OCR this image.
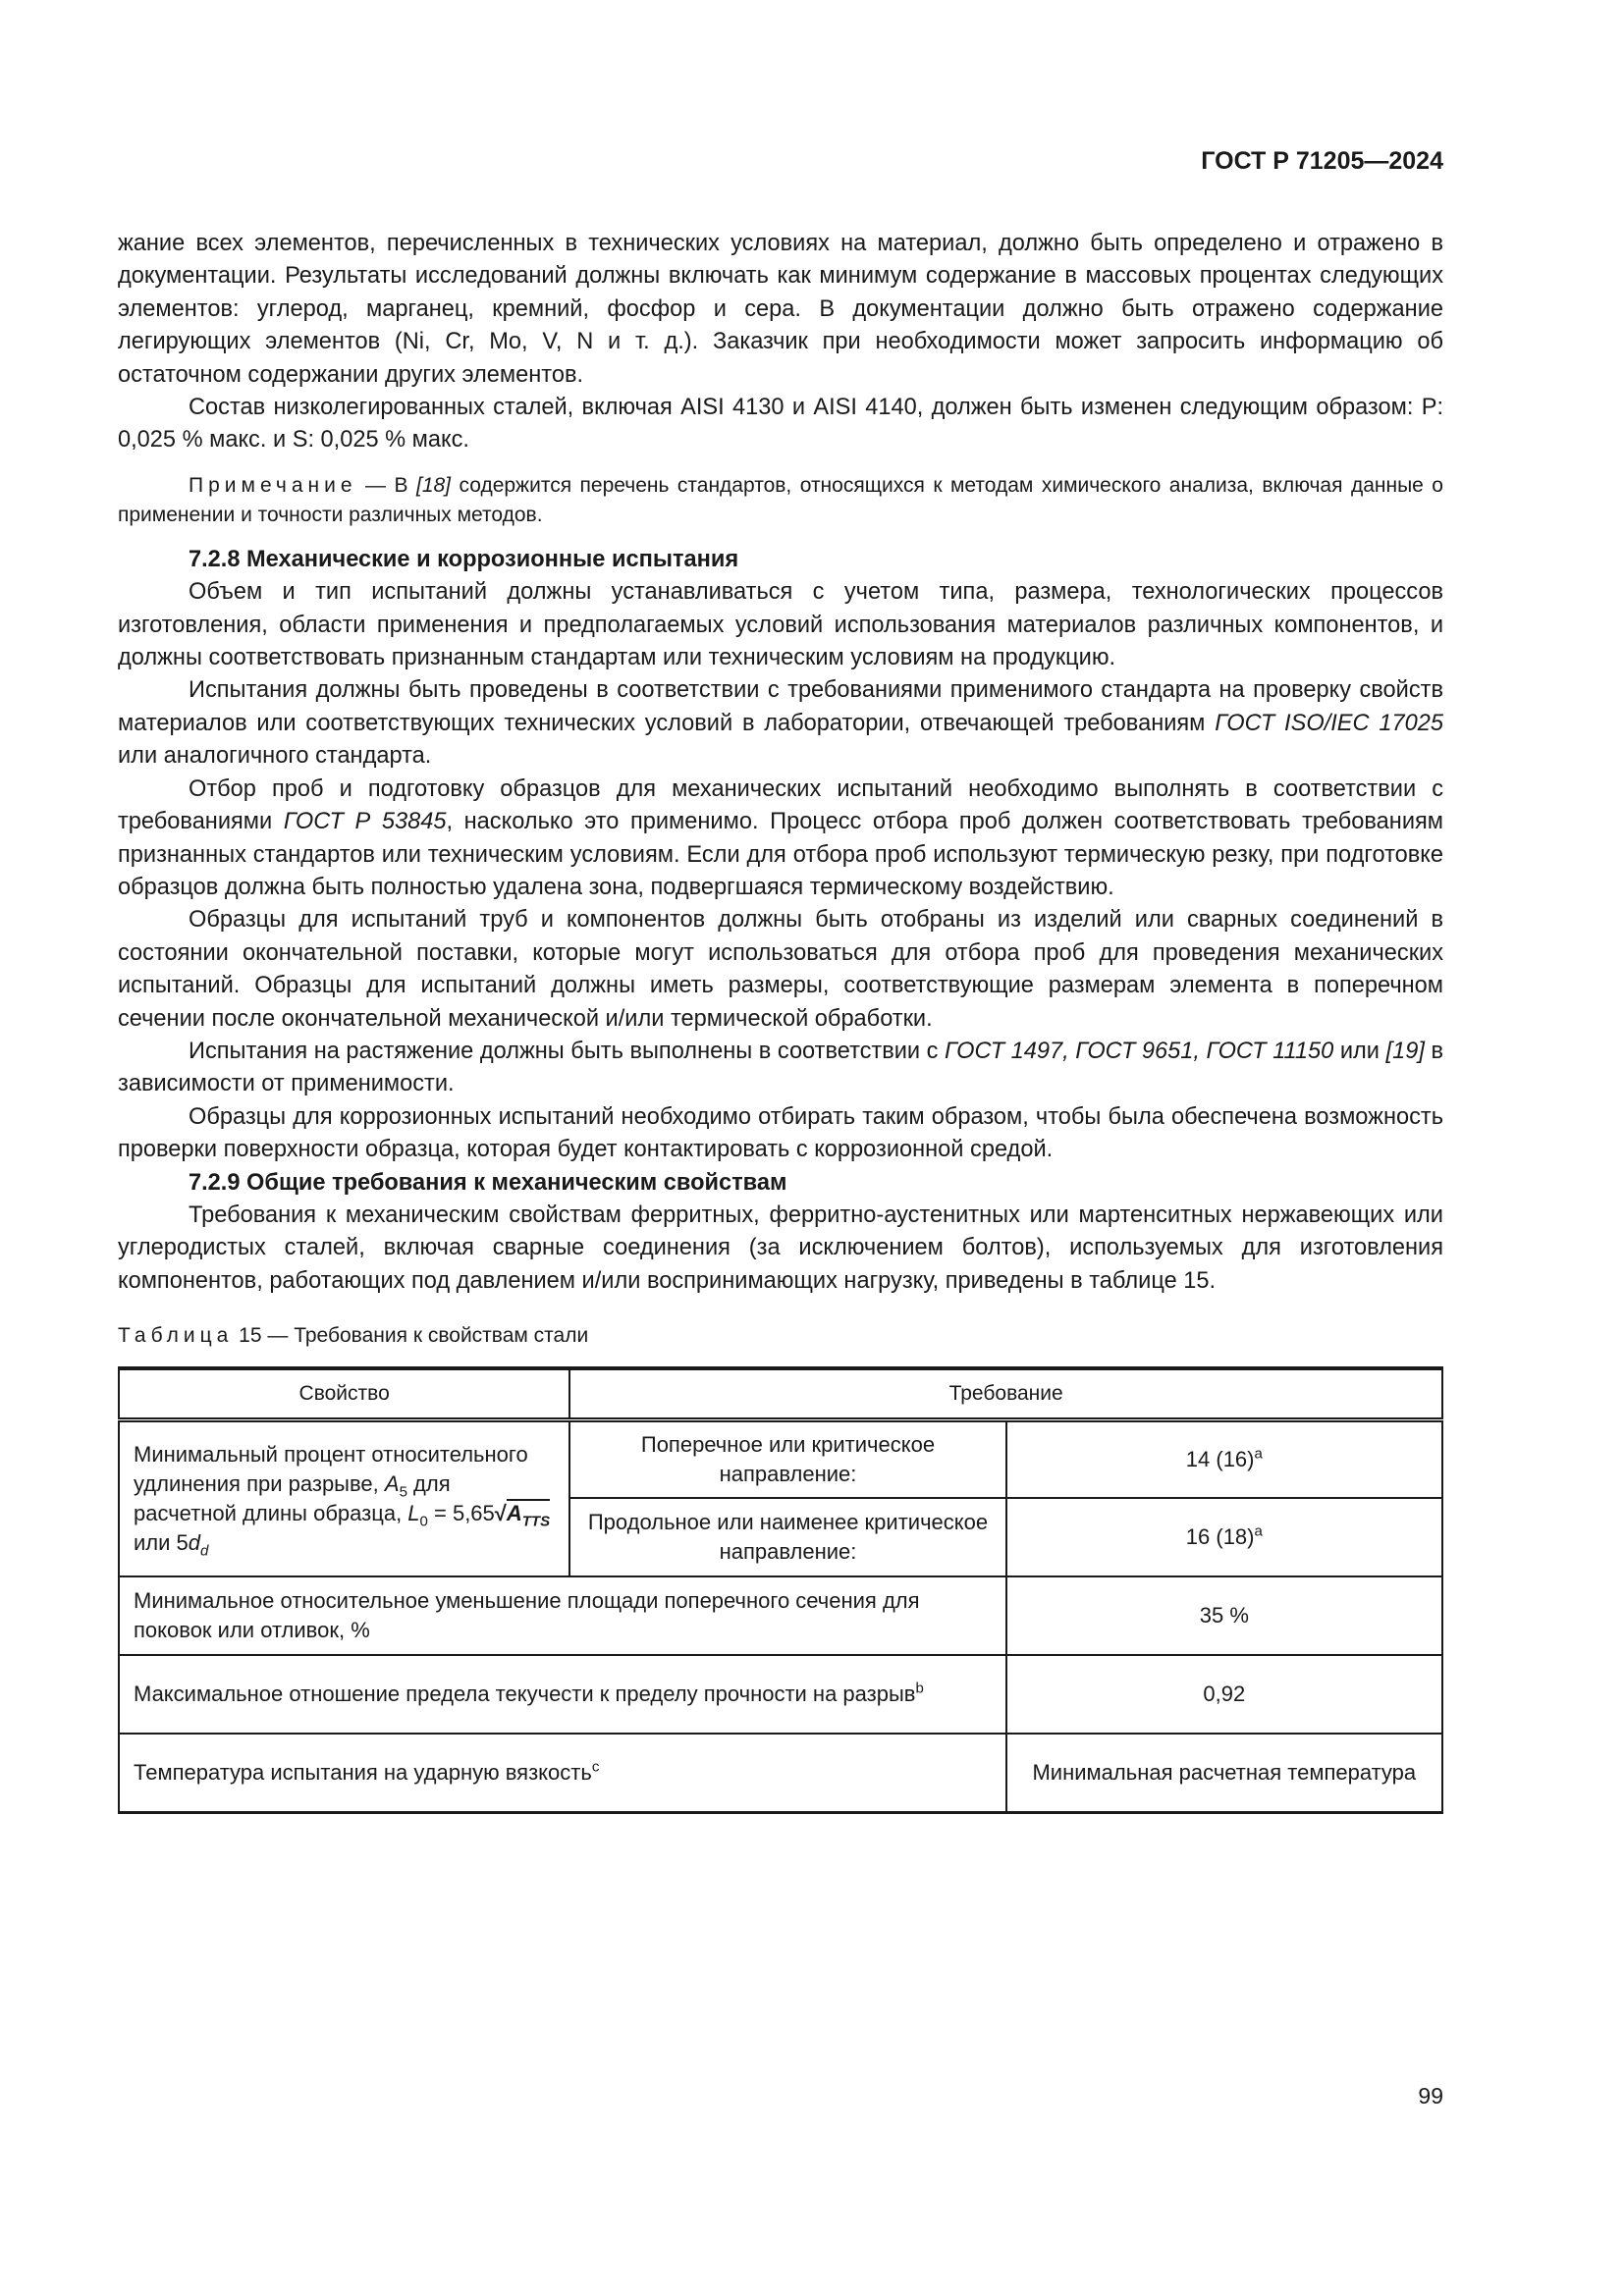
ГОСТ Р 71205—2024

жание всех элементов, перечисленных в технических условиях на материал, должно быть определено и отражено в документации. Результаты исследований должны включать как минимум содержание в массовых процентах следующих элементов: углерод, марганец, кремний, фосфор и сера. В документации должно быть отражено содержание легирующих элементов (Ni, Cr, Mo, V, N и т. д.). Заказчик при необходимости может запросить информацию об остаточном содержании других элементов.

Состав низколегированных сталей, включая AISI 4130 и AISI 4140, должен быть изменен следующим образом: P: 0,025 % макс. и S: 0,025 % макс.

Примечание — В [18] содержится перечень стандартов, относящихся к методам химического анализа, включая данные о применении и точности различных методов.

7.2.8 Механические и коррозионные испытания

Объем и тип испытаний должны устанавливаться с учетом типа, размера, технологических процессов изготовления, области применения и предполагаемых условий использования материалов различных компонентов, и должны соответствовать признанным стандартам или техническим условиям на продукцию.

Испытания должны быть проведены в соответствии с требованиями применимого стандарта на проверку свойств материалов или соответствующих технических условий в лаборатории, отвечающей требованиям ГОСТ ISO/IEC 17025 или аналогичного стандарта.

Отбор проб и подготовку образцов для механических испытаний необходимо выполнять в соответствии с требованиями ГОСТ Р 53845, насколько это применимо. Процесс отбора проб должен соответствовать требованиям признанных стандартов или техническим условиям. Если для отбора проб используют термическую резку, при подготовке образцов должна быть полностью удалена зона, подвергшаяся термическому воздействию.

Образцы для испытаний труб и компонентов должны быть отобраны из изделий или сварных соединений в состоянии окончательной поставки, которые могут использоваться для отбора проб для проведения механических испытаний. Образцы для испытаний должны иметь размеры, соответствующие размерам элемента в поперечном сечении после окончательной механической и/или термической обработки.

Испытания на растяжение должны быть выполнены в соответствии с ГОСТ 1497, ГОСТ 9651, ГОСТ 11150 или [19] в зависимости от применимости.

Образцы для коррозионных испытаний необходимо отбирать таким образом, чтобы была обеспечена возможность проверки поверхности образца, которая будет контактировать с коррозионной средой.

7.2.9 Общие требования к механическим свойствам

Требования к механическим свойствам ферритных, ферритно-аустенитных или мартенситных нержавеющих или углеродистых сталей, включая сварные соединения (за исключением болтов), используемых для изготовления компонентов, работающих под давлением и/или воспринимающих нагрузку, приведены в таблице 15.

Таблица 15 — Требования к свойствам стали
Свойство	Требование	
Минимальный процент относительного удлинения при разрыве, $A_5$ для расчетной длины образца, $L_0 = 5,65√A_{TTS}$ или $5d_d$	Поперечное или критическое направление:	14 $(16)^a$
	Продольное или наименее критическое направление:	16 $(18)^a$
Минимальное относительное уменьшение площади поперечного сечения для поковок или отливок, %		35 %
Максимальное отношение предела текучести к пределу прочности на разрыв$^b$		0,92
Температура испытания на ударную вязкость$^c$		Минимальная расчетная температура
99
